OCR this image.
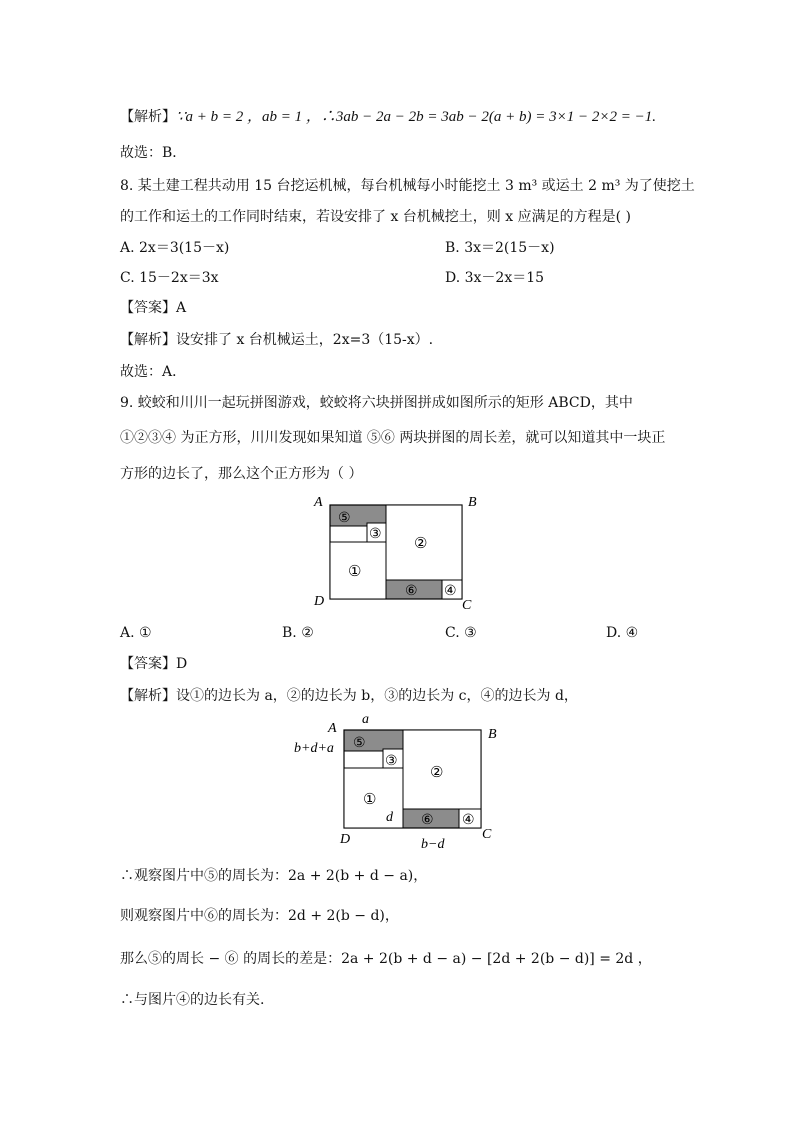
【解析】∵a + b = 2 ，ab = 1 ，∴3ab − 2a − 2b = 3ab − 2(a + b) = 3×1 − 2×2 = −1.
故选：B．
8. 某土建工程共动用 15 台挖运机械，每台机械每小时能挖土 3 m³ 或运土 2 m³ 为了使挖土
的工作和运土的工作同时结束，若设安排了 x 台机械挖土，则 x 应满足的方程是( )
A. 2x＝3(15－x)	B. 3x＝2(15－x)
C. 15－2x＝3x	D. 3x－2x＝15
【答案】A
【解析】设安排了 x 台机械运土，2x=3（15-x）.
故选：A．
9. 蛟蛟和川川一起玩拼图游戏，蛟蛟将六块拼图拼成如图所示的矩形 ABCD，其中
①②③④ 为正方形，川川发现如果知道 ⑤⑥ 两块拼图的周长差，就可以知道其中一块正
方形的边长了，那么这个正方形为（ ）
A	B
C
D
⑤
③
①
②
⑥ ④
A. ①	B. ②	C. ③	D. ④
【答案】D
【解析】设①的边长为 a，②的边长为 b，③的边长为 c，④的边长为 d，
A	B
C
D
a
b+d+a
d
b−d
⑤
③
①
②
⑥ ④
∴观察图片中⑤的周长为：2a + 2(b + d − a)，
则观察图片中⑥的周长为：2d + 2(b − d)，
那么⑤的周长 − ⑥ 的周长的差是：2a + 2(b + d − a) − [2d + 2(b − d)] = 2d ，
∴与图片④的边长有关.
